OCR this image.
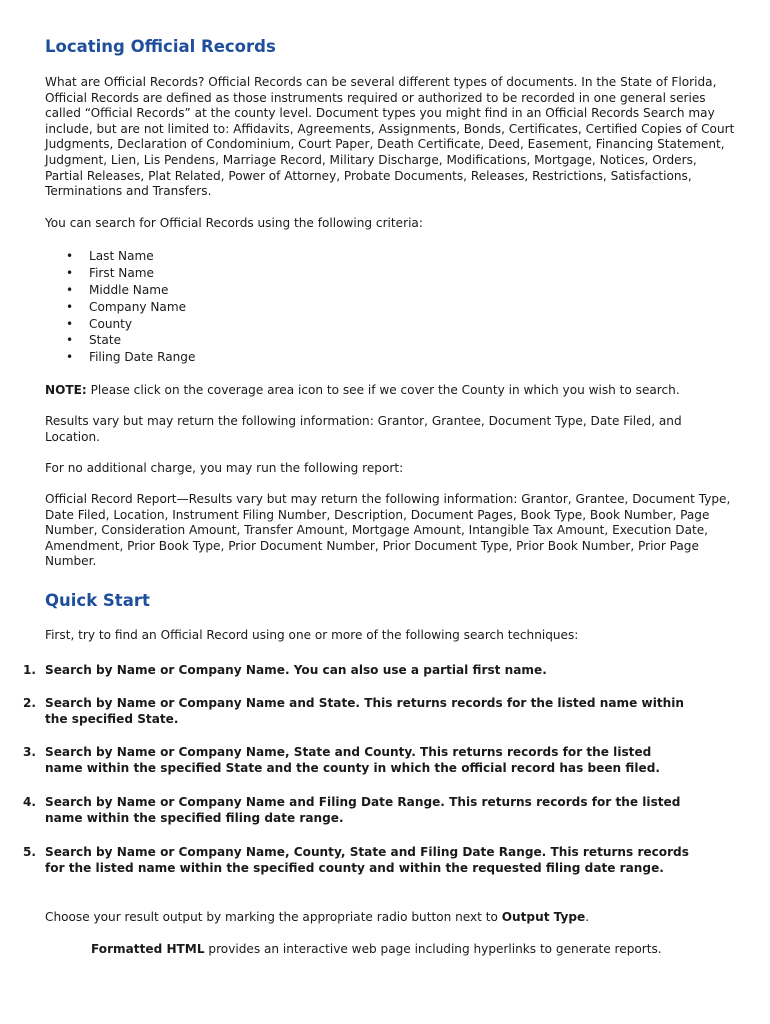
Locating Official Records

What are Official Records? Official Records can be several different types of documents. In the State of Florida, Official Records are defined as those instruments required or authorized to be recorded in one general series called “Official Records” at the county level. Document types you might find in an Official Records Search may include, but are not limited to: Affidavits, Agreements, Assignments, Bonds, Certificates, Certified Copies of Court Judgments, Declaration of Condominium, Court Paper, Death Certificate, Deed, Easement, Financing Statement, Judgment, Lien, Lis Pendens, Marriage Record, Military Discharge, Modifications, Mortgage, Notices, Orders, Partial Releases, Plat Related, Power of Attorney, Probate Documents, Releases, Restrictions, Satisfactions, Terminations and Transfers.

You can search for Official Records using the following criteria:

• Last Name
• First Name
• Middle Name
• Company Name
• County
• State
• Filing Date Range

NOTE: Please click on the coverage area icon to see if we cover the County in which you wish to search.

Results vary but may return the following information: Grantor, Grantee, Document Type, Date Filed, and Location.

For no additional charge, you may run the following report:

Official Record Report—Results vary but may return the following information: Grantor, Grantee, Document Type, Date Filed, Location, Instrument Filing Number, Description, Document Pages, Book Type, Book Number, Page Number, Consideration Amount, Transfer Amount, Mortgage Amount, Intangible Tax Amount, Execution Date, Amendment, Prior Book Type, Prior Document Number, Prior Document Type, Prior Book Number, Prior Page Number.

Quick Start

First, try to find an Official Record using one or more of the following search techniques:

1. Search by Name or Company Name. You can also use a partial first name.
2. Search by Name or Company Name and State. This returns records for the listed name within the specified State.
3. Search by Name or Company Name, State and County. This returns records for the listed name within the specified State and the county in which the official record has been filed.
4. Search by Name or Company Name and Filing Date Range. This returns records for the listed name within the specified filing date range.
5. Search by Name or Company Name, County, State and Filing Date Range. This returns records for the listed name within the specified county and within the requested filing date range.

Choose your result output by marking the appropriate radio button next to Output Type.

Formatted HTML provides an interactive web page including hyperlinks to generate reports.
